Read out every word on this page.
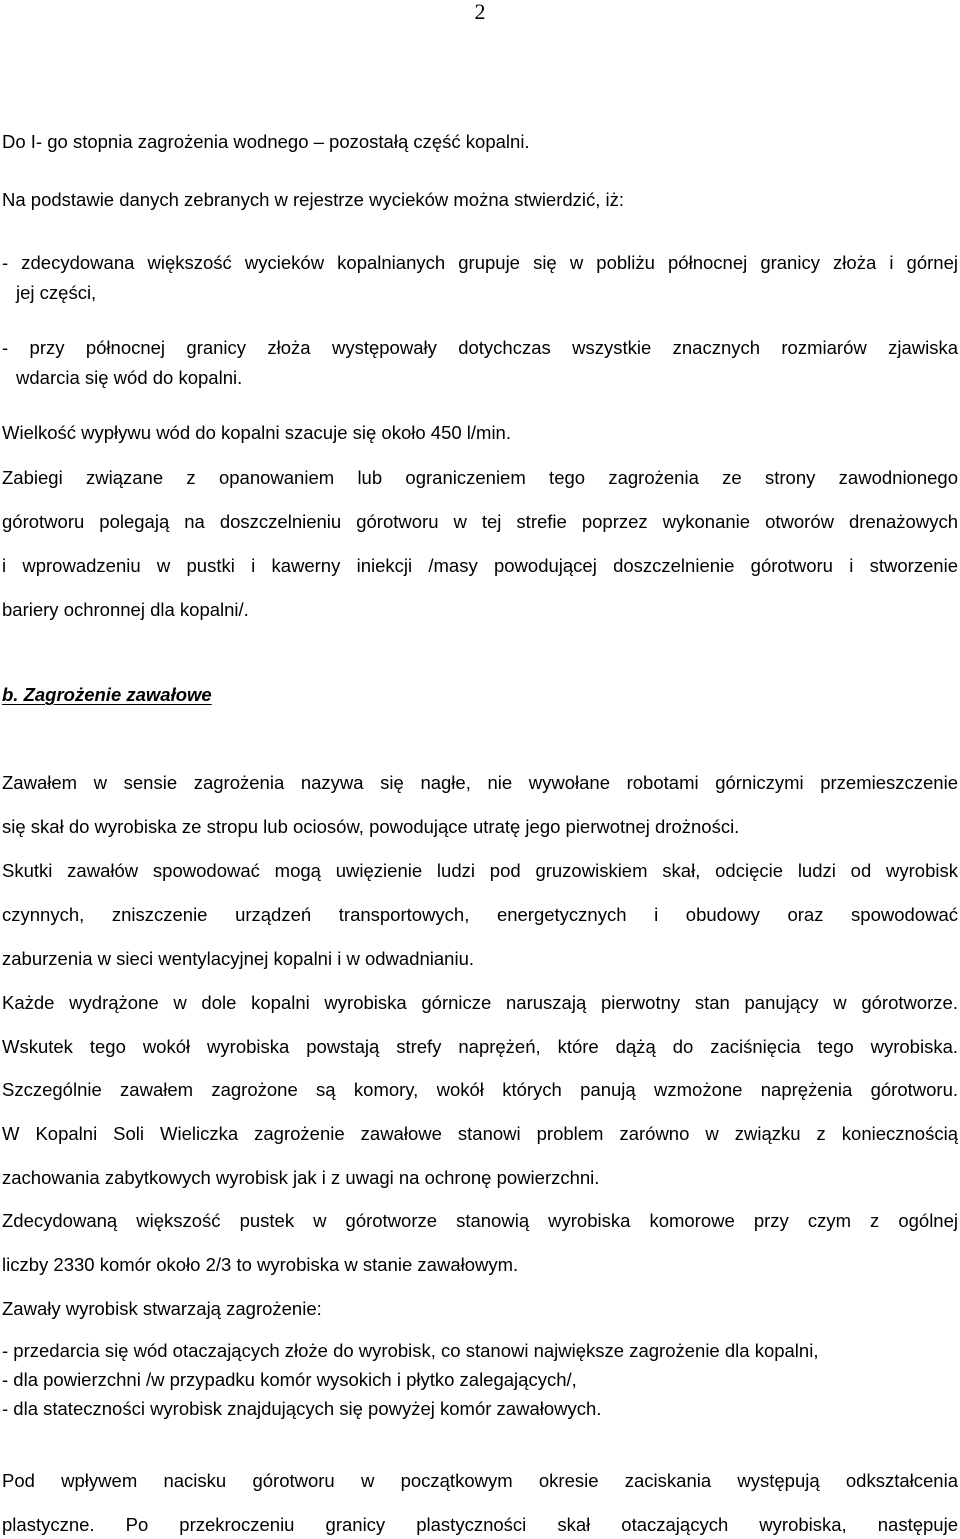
2
Do I- go stopnia zagrożenia wodnego – pozostałą część kopalni.
Na podstawie danych zebranych w rejestrze wycieków można stwierdzić, iż:
- zdecydowana większość wycieków kopalnianych grupuje się w pobliżu północnej granicy złoża i górnej
jej części,
- przy północnej granicy złoża występowały dotychczas wszystkie znacznych rozmiarów zjawiska
wdarcia się wód do kopalni.
Wielkość wypływu wód do kopalni szacuje się około 450 l/min.
Zabiegi związane z opanowaniem lub ograniczeniem tego zagrożenia ze strony zawodnionego
górotworu polegają na doszczelnieniu górotworu w tej strefie poprzez wykonanie otworów drenażowych
i wprowadzeniu w pustki i kawerny iniekcji /masy powodującej doszczelnienie górotworu i stworzenie
bariery ochronnej dla kopalni/.
b. Zagrożenie zawałowe
Zawałem w sensie zagrożenia nazywa się nagłe, nie wywołane robotami górniczymi przemieszczenie
się skał do wyrobiska ze stropu lub ociosów, powodujące utratę jego pierwotnej drożności.
Skutki zawałów spowodować mogą uwięzienie ludzi pod gruzowiskiem skał, odcięcie ludzi od wyrobisk
czynnych, zniszczenie urządzeń transportowych, energetycznych i obudowy oraz spowodować
zaburzenia w sieci wentylacyjnej kopalni i w odwadnianiu.
Każde wydrążone w dole kopalni wyrobiska górnicze naruszają pierwotny stan panujący w górotworze.
Wskutek tego wokół wyrobiska powstają strefy naprężeń, które dążą do zaciśnięcia tego wyrobiska.
Szczególnie zawałem zagrożone są komory, wokół których panują wzmożone naprężenia górotworu.
W Kopalni Soli Wieliczka zagrożenie zawałowe stanowi problem zarówno w związku z koniecznością
zachowania zabytkowych wyrobisk jak i z uwagi na ochronę powierzchni.
Zdecydowaną większość pustek w górotworze stanowią wyrobiska komorowe przy czym z ogólnej
liczby 2330 komór około 2/3 to wyrobiska w stanie zawałowym.
Zawały wyrobisk stwarzają zagrożenie:
- przedarcia się wód otaczających złoże do wyrobisk, co stanowi największe zagrożenie dla kopalni,
- dla powierzchni /w przypadku komór wysokich i płytko zalegających/,
- dla stateczności wyrobisk znajdujących się powyżej komór zawałowych.
Pod wpływem nacisku górotworu w początkowym okresie zaciskania występują odkształcenia
plastyczne. Po przekroczeniu granicy plastyczności skał otaczających wyrobiska, następuje
